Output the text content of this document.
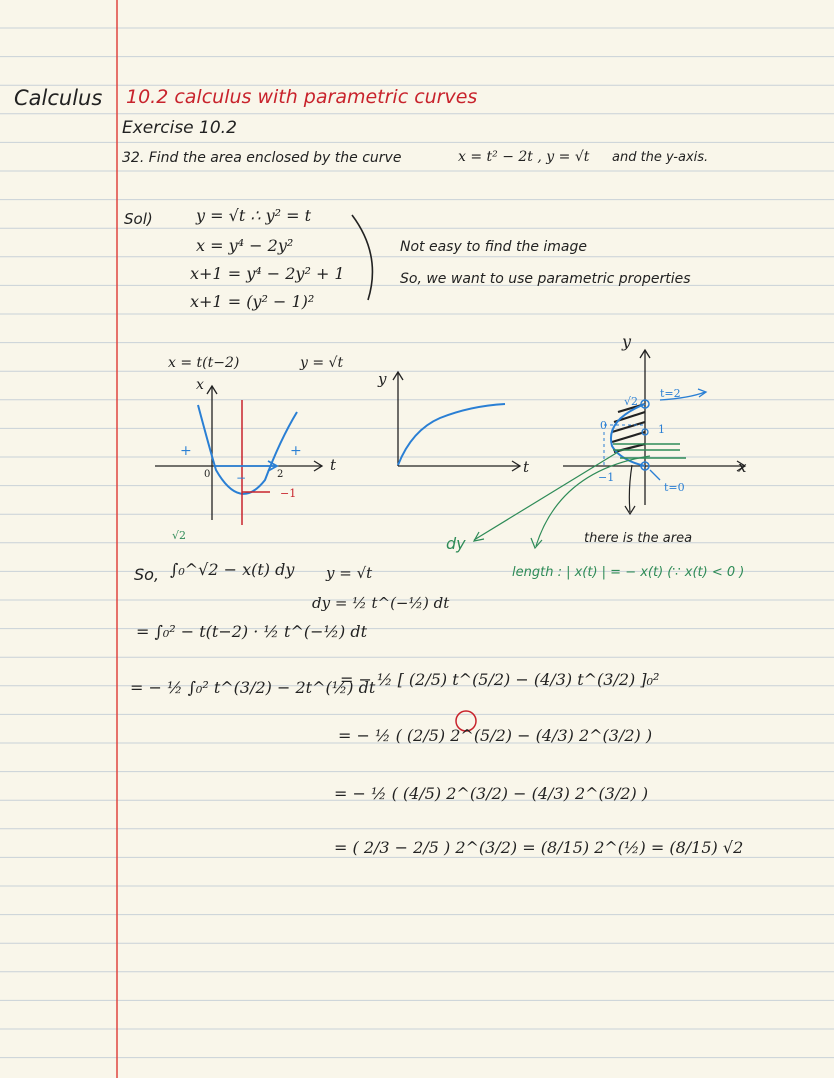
Calculus 10.2 calculus with parametric curves
Exercise 10.2
32. Find the area enclosed by the curve	x = t² − 2t , y = √t and the y-axis.
Sol)	y = √t ∴ y² = t
x = y⁴ − 2y²
x+1 = y⁴ − 2y² + 1
x+1 = (y² − 1)²
Not easy to find the image
So, we want to use parametric properties
x = t(t−2)	y = √t
x
t
+	+
−
0	2
−1
y
t
y
x
√2
t=2
1
−1
0
t=0
there is the area
dy
length : | x(t) | = − x(t) (∵ x(t) < 0 )
√2
So, ∫₀^√2 − x(t) dy y = √t
dy = ½ t^(−½) dt
= ∫₀² − t(t−2) · ½ t^(−½) dt
= − ½ ∫₀² t^(3/2) − 2t^(½) dt
= − ½ [ (2/5) t^(5/2) − (4/3) t^(3/2) ]₀²
= − ½ ( (2/5) 2^(5/2) − (4/3) 2^(3/2) )
= − ½ ( (4/5) 2^(3/2) − (4/3) 2^(3/2) )
= ( 2/3 − 2/5 ) 2^(3/2) = (8/15) 2^(½) = (8/15) √2
